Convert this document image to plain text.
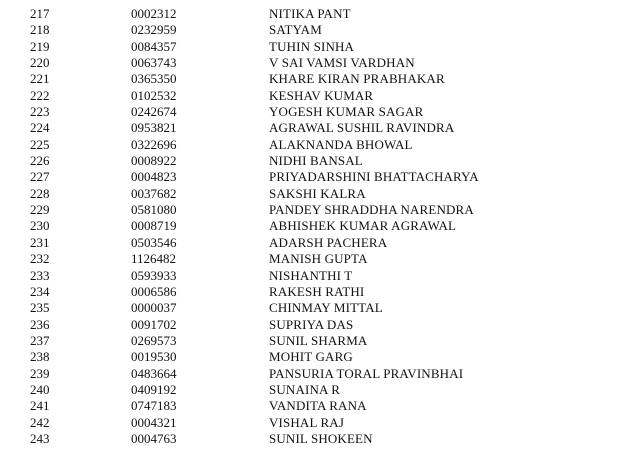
217	0002312	NITIKA PANT
218	0232959	SATYAM
219	0084357	TUHIN SINHA
220	0063743	V SAI VAMSI VARDHAN
221	0365350	KHARE KIRAN PRABHAKAR
222	0102532	KESHAV KUMAR
223	0242674	YOGESH KUMAR SAGAR
224	0953821	AGRAWAL SUSHIL RAVINDRA
225	0322696	ALAKNANDA BHOWAL
226	0008922	NIDHI BANSAL
227	0004823	PRIYADARSHINI BHATTACHARYA
228	0037682	SAKSHI KALRA
229	0581080	PANDEY SHRADDHA NARENDRA
230	0008719	ABHISHEK KUMAR AGRAWAL
231	0503546	ADARSH PACHERA
232	1126482	MANISH GUPTA
233	0593933	NISHANTHI T
234	0006586	RAKESH RATHI
235	0000037	CHINMAY MITTAL
236	0091702	SUPRIYA DAS
237	0269573	SUNIL SHARMA
238	0019530	MOHIT GARG
239	0483664	PANSURIA TORAL PRAVINBHAI
240	0409192	SUNAINA R
241	0747183	VANDITA RANA
242	0004321	VISHAL RAJ
243	0004763	SUNIL SHOKEEN
